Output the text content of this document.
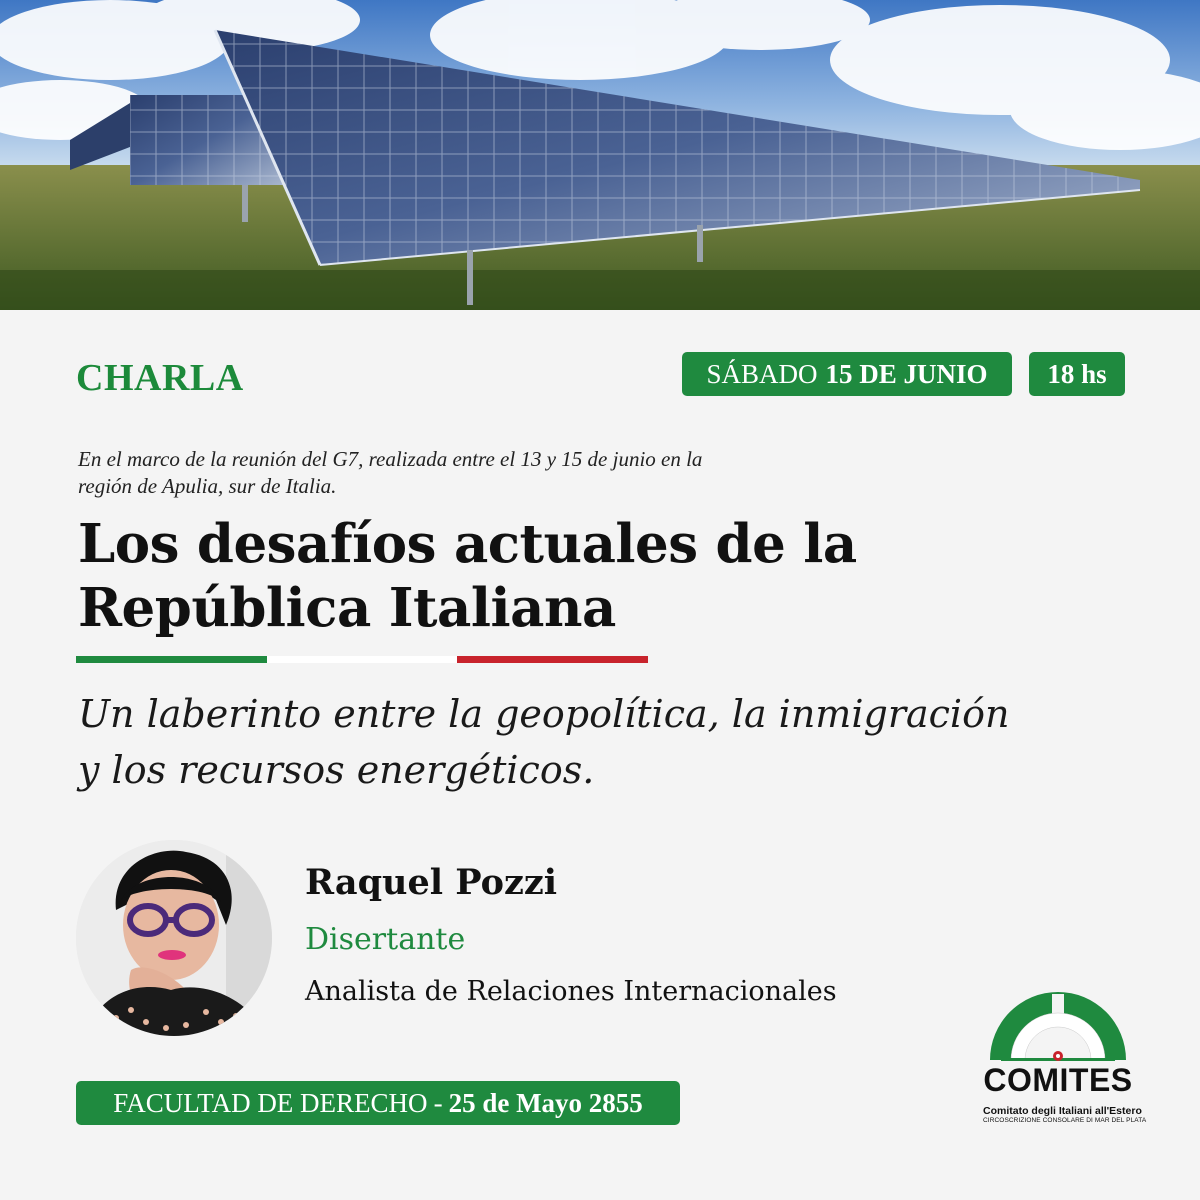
CHARLA	SÁBADO 15 DE JUNIO	18 hs
En el marco de la reunión del G7, realizada entre el 13 y 15 de junio en la región de Apulia, sur de Italia.
Los desafíos actuales de la
República Italiana
Un laberinto entre la geopolítica, la inmigración
y los recursos energéticos.
Raquel Pozzi
Disertante
Analista de Relaciones Internacionales
FACULTAD DE DERECHO - 25 de Mayo 2855
COMITES
Comitato degli Italiani all'Estero
CIRCOSCRIZIONE CONSOLARE DI MAR DEL PLATA
